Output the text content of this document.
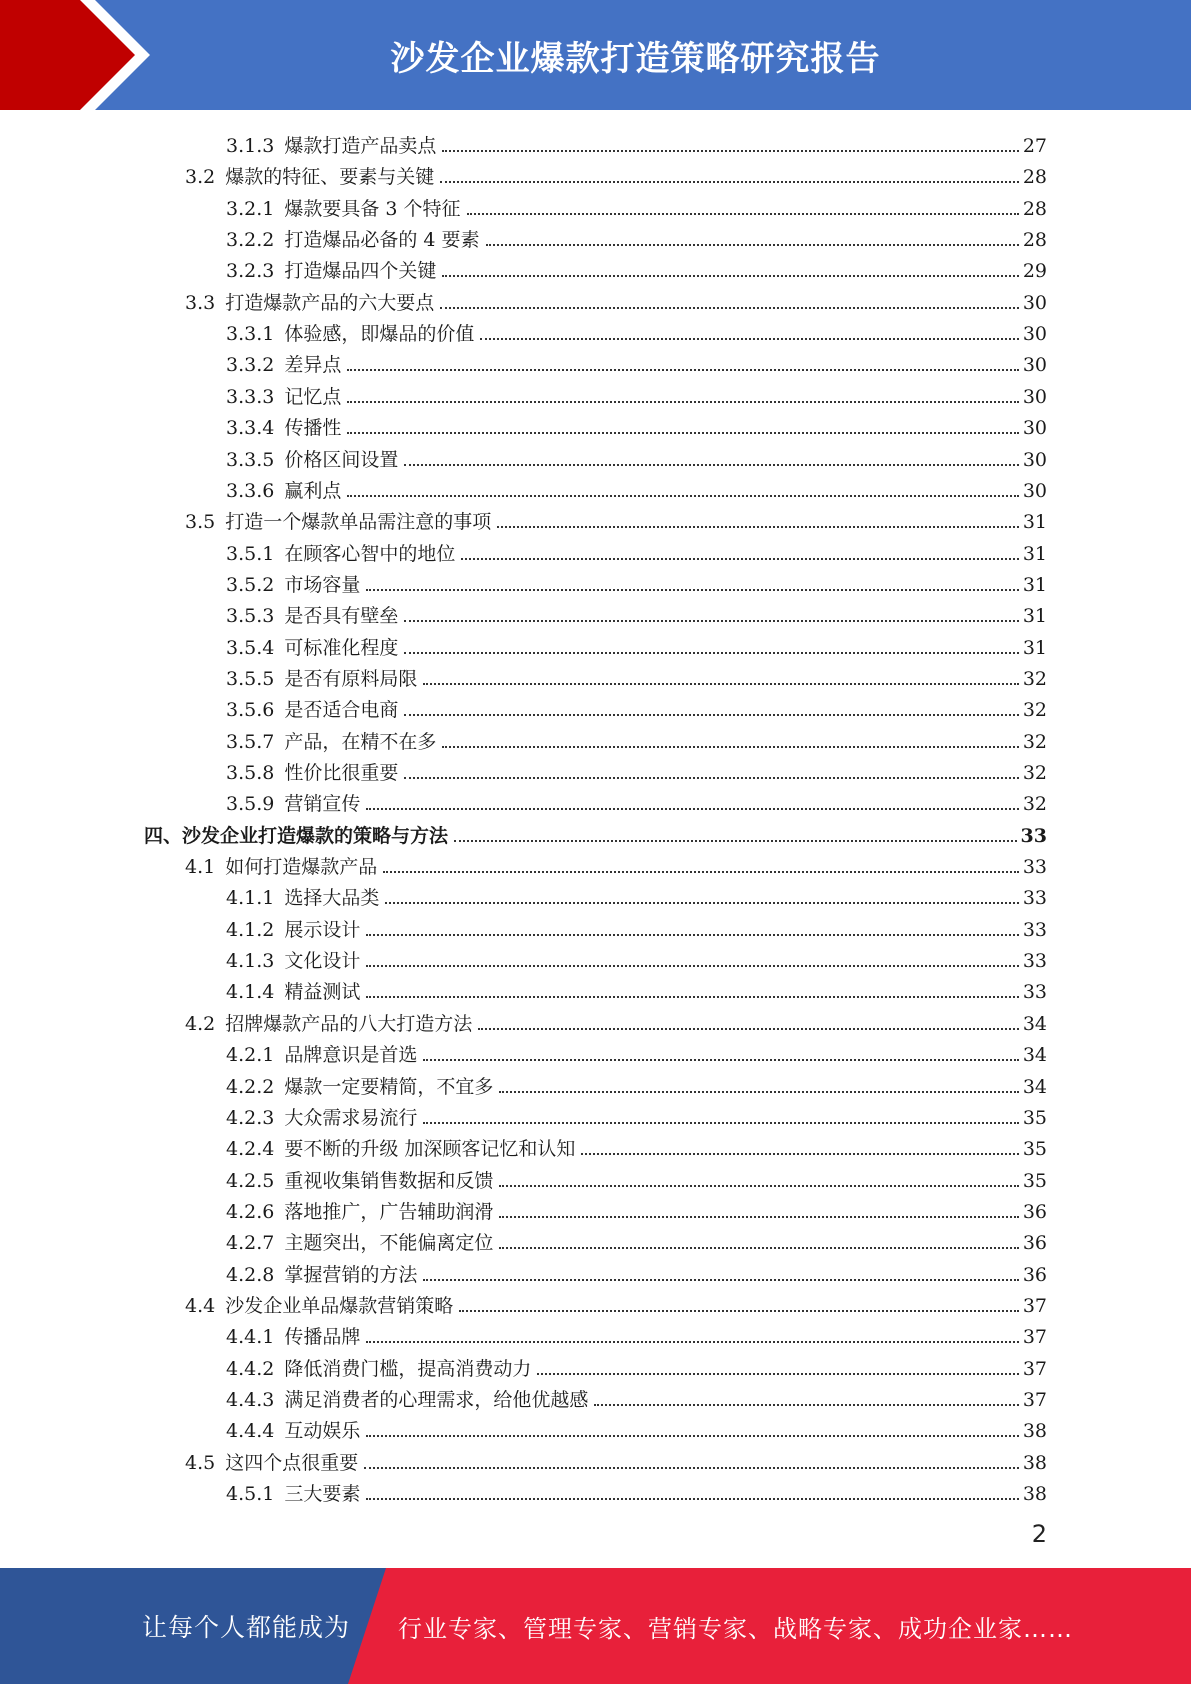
沙发企业爆款打造策略研究报告
3.1.3 爆款打造产品卖点	27
3.2 爆款的特征、要素与关键	28
3.2.1 爆款要具备 3 个特征	28
3.2.2 打造爆品必备的 4 要素	28
3.2.3 打造爆品四个关键	29
3.3 打造爆款产品的六大要点	30
3.3.1 体验感，即爆品的价值	30
3.3.2 差异点	30
3.3.3 记忆点	30
3.3.4 传播性	30
3.3.5 价格区间设置	30
3.3.6 赢利点	30
3.5 打造一个爆款单品需注意的事项	31
3.5.1 在顾客心智中的地位	31
3.5.2 市场容量	31
3.5.3 是否具有壁垒	31
3.5.4 可标准化程度	31
3.5.5 是否有原料局限	32
3.5.6 是否适合电商	32
3.5.7 产品，在精不在多	32
3.5.8 性价比很重要	32
3.5.9 营销宣传	32
四、沙发企业打造爆款的策略与方法	33
4.1 如何打造爆款产品	33
4.1.1 选择大品类	33
4.1.2 展示设计	33
4.1.3 文化设计	33
4.1.4 精益测试	33
4.2 招牌爆款产品的八大打造方法	34
4.2.1 品牌意识是首选	34
4.2.2 爆款一定要精简，不宜多	34
4.2.3 大众需求易流行	35
4.2.4 要不断的升级 加深顾客记忆和认知	35
4.2.5 重视收集销售数据和反馈	35
4.2.6 落地推广，广告辅助润滑	36
4.2.7 主题突出，不能偏离定位	36
4.2.8 掌握营销的方法	36
4.4 沙发企业单品爆款营销策略	37
4.4.1 传播品牌	37
4.4.2 降低消费门槛，提高消费动力	37
4.4.3 满足消费者的心理需求，给他优越感	37
4.4.4 互动娱乐	38
4.5 这四个点很重要	38
4.5.1 三大要素	38
2
让每个人都能成为 行业专家、管理专家、营销专家、战略专家、成功企业家……
